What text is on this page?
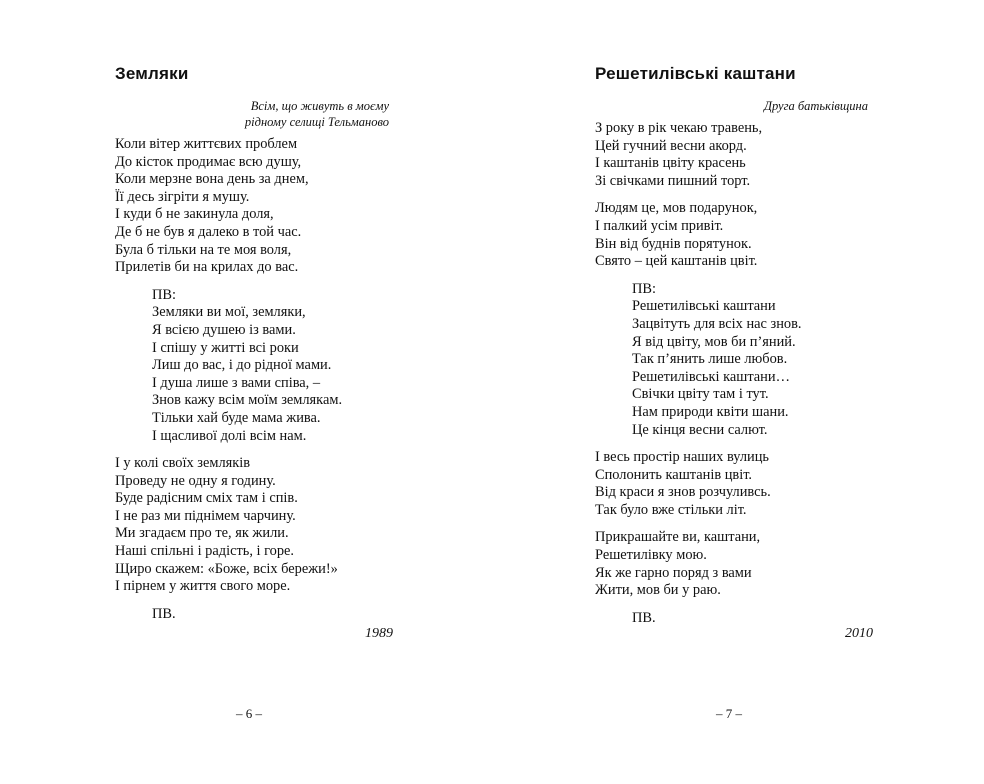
Земляки
Всім, що живуть в моєму
рідному селищі Тельманово
Коли вітер життєвих проблем
До кісток продимає всю душу,
Коли мерзне вона день за днем,
Її десь зігріти я мушу.
І куди б не закинула доля,
Де б не був я далеко в той час.
Була б тільки на те моя воля,
Прилетів би на крилах до вас.
ПВ:
Земляки ви мої, земляки,
Я всією душею із вами.
І спішу у житті всі роки
Лиш до вас, і до рідної мами.
І душа лише з вами співа, –
Знов кажу всім моїм землякам.
Тільки хай буде мама жива.
І щасливої долі всім нам.
І у колі своїх земляків
Проведу не одну я годину.
Буде радісним сміх там і спів.
І не раз ми піднімем чарчину.
Ми згадаєм про те, як жили.
Наші спільні і радість, і горе.
Щиро скажем: «Боже, всіх бережи!»
І пірнем у життя свого море.
ПВ.
1989
– 6 –
Решетилівські каштани
Друга батьківщина
З року в рік чекаю травень,
Цей гучний весни акорд.
І каштанів цвіту красень
Зі свічками пишний торт.
Людям це, мов подарунок,
І палкий усім привіт.
Він від буднів порятунок.
Свято – цей каштанів цвіт.
ПВ:
Решетилівські каштани
Зацвітуть для всіх нас знов.
Я від цвіту, мов би п’яний.
Так п’янить лише любов.
Решетилівські каштани…
Свічки цвіту там і тут.
Нам природи квіти шани.
Це кінця весни салют.
І весь простір наших вулиць
Сполонить каштанів цвіт.
Від краси я знов розчуливсь.
Так було вже стільки літ.
Прикрашайте ви, каштани,
Решетилівку мою.
Як же гарно поряд з вами
Жити, мов би у раю.
ПВ.
2010
– 7 –
